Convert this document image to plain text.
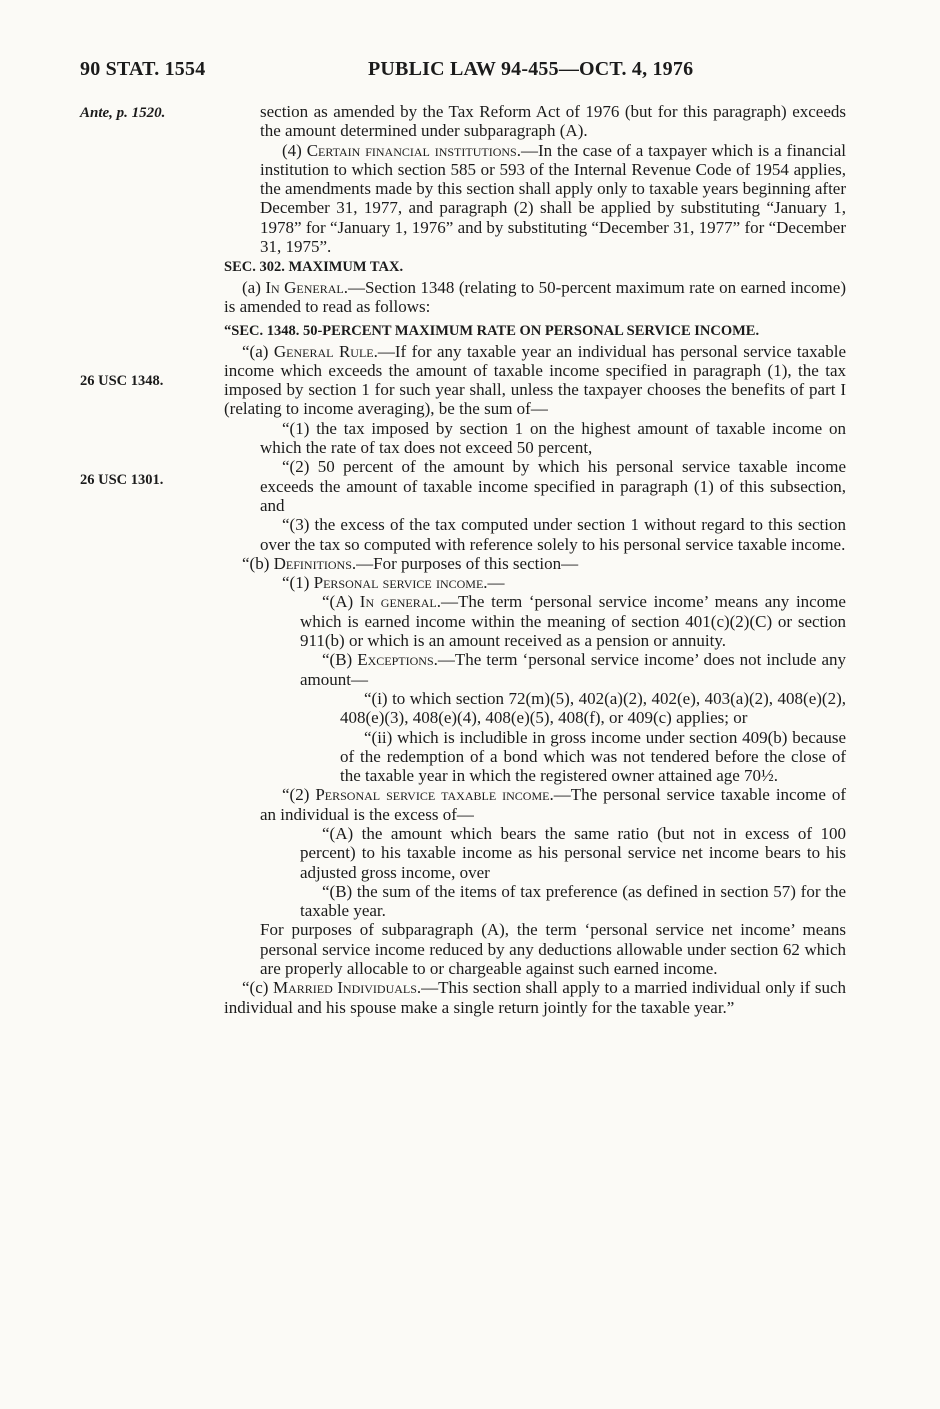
90 STAT. 1554	PUBLIC LAW 94-455—OCT. 4, 1976
Ante, p. 1520.
26 USC 1348.
26 USC 1301.

section as amended by the Tax Reform Act of 1976 (but for this paragraph) exceeds the amount determined under subparagraph (A).

(4) Certain financial institutions.—In the case of a taxpayer which is a financial institution to which section 585 or 593 of the Internal Revenue Code of 1954 applies, the amendments made by this section shall apply only to taxable years beginning after December 31, 1977, and paragraph (2) shall be applied by substituting “January 1, 1978” for “January 1, 1976” and by substituting “December 31, 1977” for “December 31, 1975”.

SEC. 302. MAXIMUM TAX.

(a) In General.—Section 1348 (relating to 50-percent maximum rate on earned income) is amended to read as follows:

“SEC. 1348. 50-PERCENT MAXIMUM RATE ON PERSONAL SERVICE INCOME.

“(a) General Rule.—If for any taxable year an individual has personal service taxable income which exceeds the amount of taxable income specified in paragraph (1), the tax imposed by section 1 for such year shall, unless the taxpayer chooses the benefits of part I (relating to income averaging), be the sum of—

“(1) the tax imposed by section 1 on the highest amount of taxable income on which the rate of tax does not exceed 50 percent,

“(2) 50 percent of the amount by which his personal service taxable income exceeds the amount of taxable income specified in paragraph (1) of this subsection, and

“(3) the excess of the tax computed under section 1 without regard to this section over the tax so computed with reference solely to his personal service taxable income.

“(b) Definitions.—For purposes of this section—

“(1) Personal service income.—

“(A) In general.—The term ‘personal service income’ means any income which is earned income within the meaning of section 401(c)(2)(C) or section 911(b) or which is an amount received as a pension or annuity.

“(B) Exceptions.—The term ‘personal service income’ does not include any amount—

“(i) to which section 72(m)(5), 402(a)(2), 402(e), 403(a)(2), 408(e)(2), 408(e)(3), 408(e)(4), 408(e)(5), 408(f), or 409(c) applies; or

“(ii) which is includible in gross income under section 409(b) because of the redemption of a bond which was not tendered before the close of the taxable year in which the registered owner attained age 70½.

“(2) Personal service taxable income.—The personal service taxable income of an individual is the excess of—

“(A) the amount which bears the same ratio (but not in excess of 100 percent) to his taxable income as his personal service net income bears to his adjusted gross income, over

“(B) the sum of the items of tax preference (as defined in section 57) for the taxable year.

For purposes of subparagraph (A), the term ‘personal service net income’ means personal service income reduced by any deductions allowable under section 62 which are properly allocable to or chargeable against such earned income.

“(c) Married Individuals.—This section shall apply to a married individual only if such individual and his spouse make a single return jointly for the taxable year.”
